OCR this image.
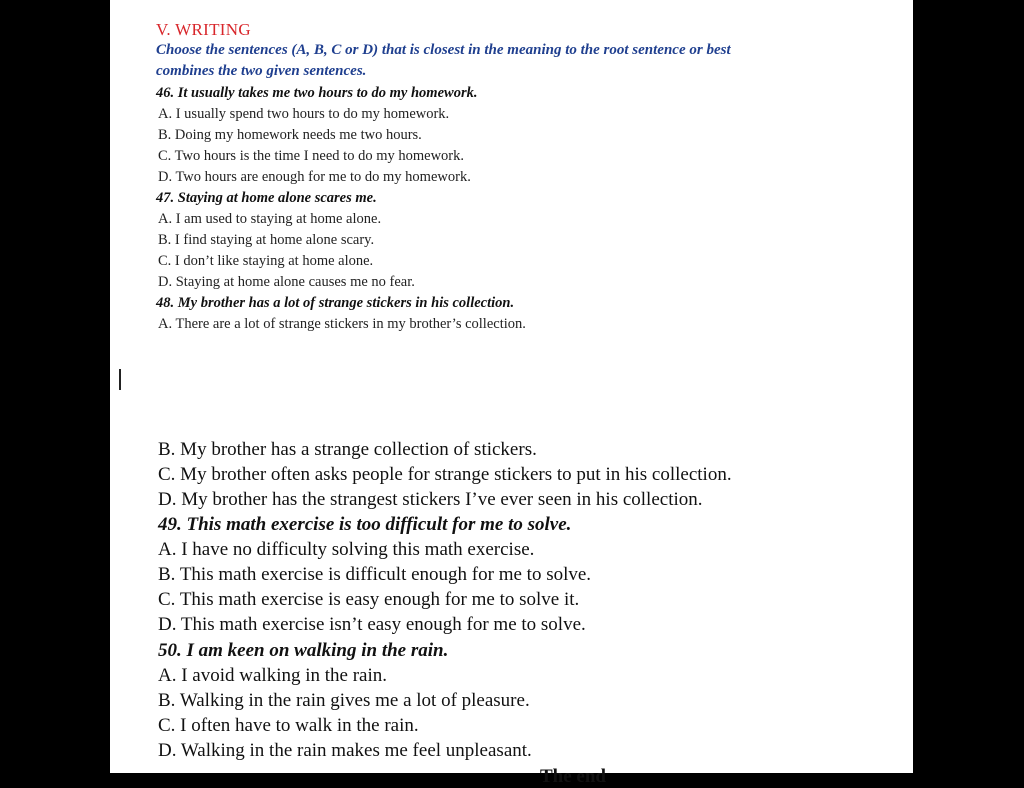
V. WRITING
Choose the sentences (A, B, C or D) that is closest in the meaning to the root sentence or best
combines the two given sentences.
46. It usually takes me two hours to do my homework.
A. I usually spend two hours to do my homework.
B. Doing my homework needs me two hours.
C. Two hours is the time I need to do my homework.
D. Two hours are enough for me to do my homework.
47. Staying at home alone scares me.
A. I am used to staying at home alone.
B. I find staying at home alone scary.
C. I don’t like staying at home alone.
D. Staying at home alone causes me no fear.
48. My brother has a lot of strange stickers in his collection.
A. There are a lot of strange stickers in my brother’s collection.
B. My brother has a strange collection of stickers.
C. My brother often asks people for strange stickers to put in his collection.
D. My brother has the strangest stickers I’ve ever seen in his collection.
49. This math exercise is too difficult for me to solve.
A. I have no difficulty solving this math exercise.
B. This math exercise is difficult enough for me to solve.
C. This math exercise is easy enough for me to solve it.
D. This math exercise isn’t easy enough for me to solve.
50. I am keen on walking in the rain.
A. I avoid walking in the rain.
B. Walking in the rain gives me a lot of pleasure.
C. I often have to walk in the rain.
D. Walking in the rain makes me feel unpleasant.
The end
